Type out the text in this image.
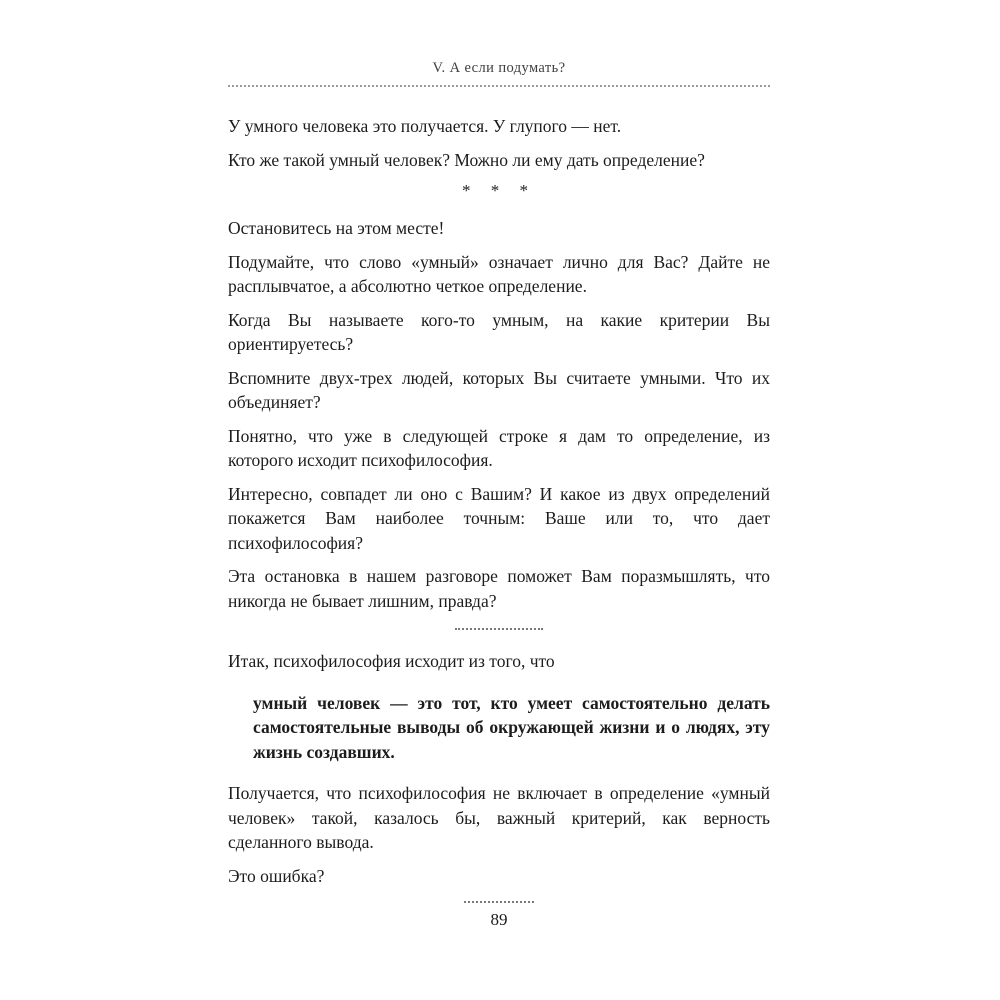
V. А если подумать?

У умного человека это получается. У глупого — нет.

Кто же такой умный человек? Можно ли ему дать определение?

* * *

Остановитесь на этом месте!

Подумайте, что слово «умный» означает лично для Вас? Дайте не расплывчатое, а абсолютно четкое определение.

Когда Вы называете кого-то умным, на какие критерии Вы ориентируетесь?

Вспомните двух-трех людей, которых Вы считаете умными. Что их объединяет?

Понятно, что уже в следующей строке я дам то определение, из которого исходит психофилософия.

Интересно, совпадет ли оно с Вашим? И какое из двух определений покажется Вам наиболее точным: Ваше или то, что дает психофилософия?

Эта остановка в нашем разговоре поможет Вам поразмышлять, что никогда не бывает лишним, правда?

Итак, психофилософия исходит из того, что

умный человек — это тот, кто умеет самостоятельно делать самостоятельные выводы об окружающей жизни и о людях, эту жизнь создавших.

Получается, что психофилософия не включает в определение «умный человек» такой, казалось бы, важный критерий, как верность сделанного вывода.

Это ошибка?

89
